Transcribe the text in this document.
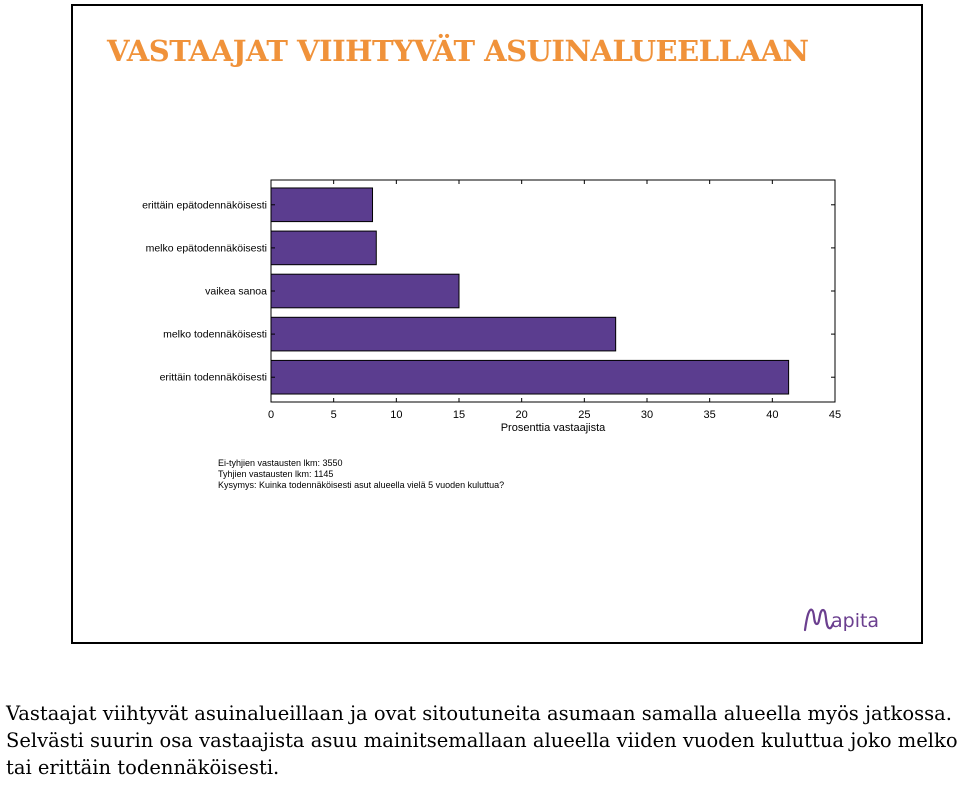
VASTAAJAT VIIHTYVÄT ASUINALUEELLAAN
erittäin epätodennäköisesti
melko epätodennäköisesti
vaikea sanoa
melko todennäköisesti
erittäin todennäköisesti
0	5	10	15	20	25	30	35	40	45
Prosenttia vastaajista
Ei-tyhjien vastausten lkm: 3550
Tyhjien vastausten lkm: 1145
Kysymys: Kuinka todennäköisesti asut alueella vielä 5 vuoden kuluttua?
apita
Vastaajat viihtyvät asuinalueillaan ja ovat sitoutuneita asumaan samalla alueella myös jatkossa. Selvästi suurin osa vastaajista asuu mainitsemallaan alueella viiden vuoden kuluttua joko melko tai erittäin todennäköisesti.
